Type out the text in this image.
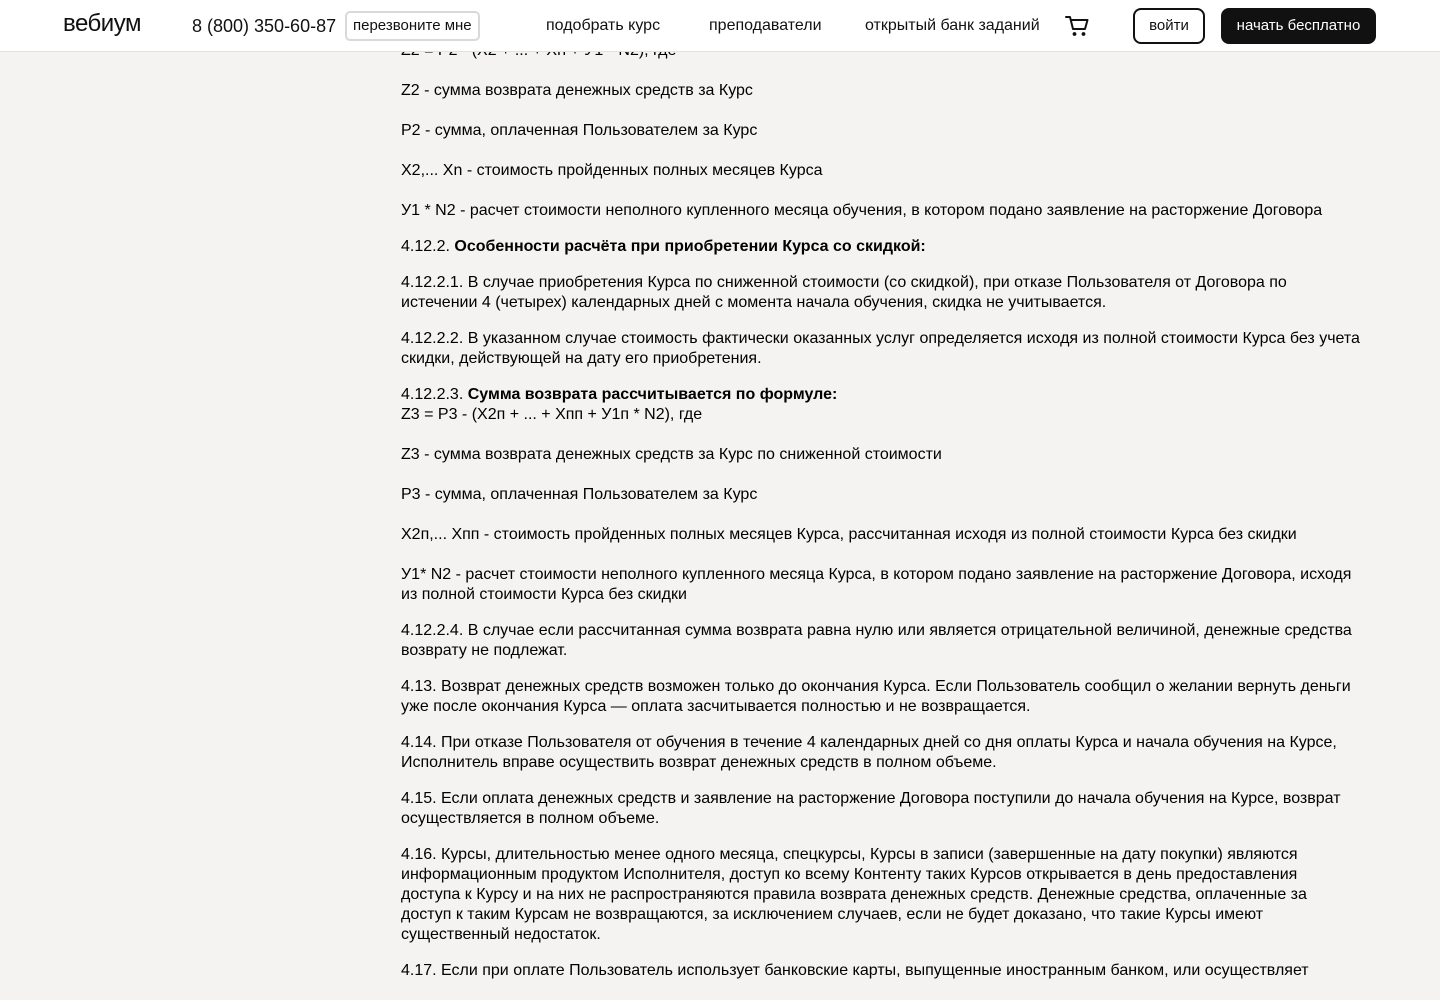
Z2 - сумма возврата денежных средств за Курс

P2 - сумма, оплаченная Пользователем за Курс

X2,... Xn - стоимость пройденных полных месяцев Курса

У1 * N2 - расчет стоимости неполного купленного месяца обучения, в котором подано заявление на расторжение Договора

4.12.2. Особенности расчёта при приобретении Курса со скидкой:

4.12.2.1. В случае приобретения Курса по сниженной стоимости (со скидкой), при отказе Пользователя от Договора по истечении 4 (четырех) календарных дней с момента начала обучения, скидка не учитывается.

4.12.2.2. В указанном случае стоимость фактически оказанных услуг определяется исходя из полной стоимости Курса без учета скидки, действующей на дату его приобретения.

4.12.2.3. Сумма возврата рассчитывается по формуле:
Z3 = P3 - (X2п + ... + Xпп + У1п * N2), где

Z3 - сумма возврата денежных средств за Курс по сниженной стоимости

P3 - сумма, оплаченная Пользователем за Курс

X2п,... Xпп - стоимость пройденных полных месяцев Курса, рассчитанная исходя из полной стоимости Курса без скидки

У1* N2 - расчет стоимости неполного купленного месяца Курса, в котором подано заявление на расторжение Договора, исходя из полной стоимости Курса без скидки

4.12.2.4. В случае если рассчитанная сумма возврата равна нулю или является отрицательной величиной, денежные средства возврату не подлежат.

4.13. Возврат денежных средств возможен только до окончания Курса. Если Пользователь сообщил о желании вернуть деньги уже после окончания Курса — оплата засчитывается полностью и не возвращается.

4.14. При отказе Пользователя от обучения в течение 4 календарных дней со дня оплаты Курса и начала обучения на Курсе, Исполнитель вправе осуществить возврат денежных средств в полном объеме.

4.15. Если оплата денежных средств и заявление на расторжение Договора поступили до начала обучения на Курсе, возврат осуществляется в полном объеме.

4.16. Курсы, длительностью менее одного месяца, спецкурсы, Курсы в записи (завершенные на дату покупки) являются информационным продуктом Исполнителя, доступ ко всему Контенту таких Курсов открывается в день предоставления доступа к Курсу и на них не распространяются правила возврата денежных средств. Денежные средства, оплаченные за доступ к таким Курсам не возвращаются, за исключением случаев, если не будет доказано, что такие Курсы имеют существенный недостаток.

4.17. Если при оплате Пользователь использует банковские карты, выпущенные иностранным банком, или осуществляет

вебиум	8 (800) 350-60-87	перезвоните мне	подобрать курс	преподаватели	открытый банк заданий	войти	начать бесплатно
